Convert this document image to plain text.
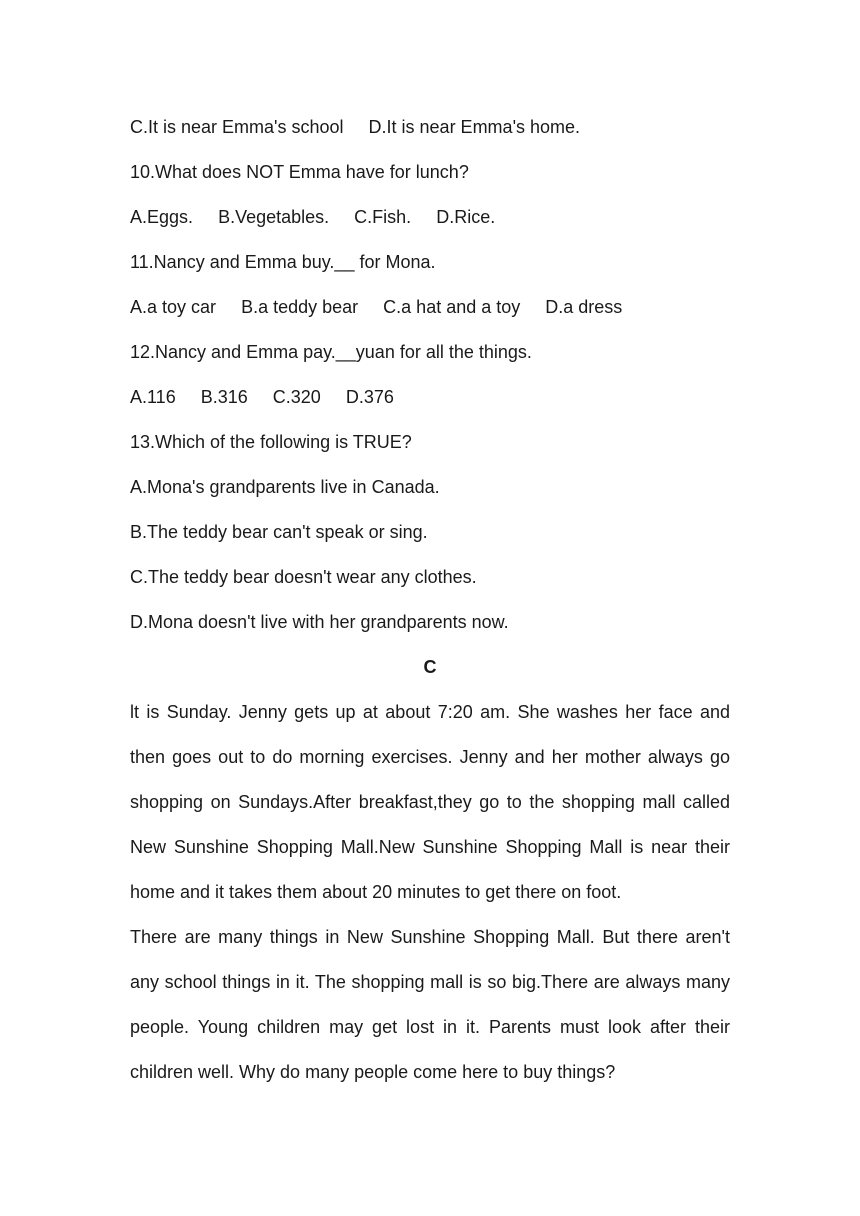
C.It is near Emma's school D.It is near Emma's home.
10.What does NOT Emma have for lunch?
A.Eggs. B.Vegetables. C.Fish. D.Rice.
11.Nancy and Emma buy.__ for Mona.
A.a toy car B.a teddy bear C.a hat and a toy D.a dress
12.Nancy and Emma pay.__yuan for all the things.
A.116 B.316 C.320 D.376
13.Which of the following is TRUE?
A.Mona's grandparents live in Canada.
B.The teddy bear can't speak or sing.
C.The teddy bear doesn't wear any clothes.
D.Mona doesn't live with her grandparents now.
C
lt is Sunday. Jenny gets up at about 7:20 am. She washes her face and
then goes out to do morning exercises. Jenny and her mother always go
shopping on Sundays.After breakfast,they go to the shopping mall called
New Sunshine Shopping Mall.New Sunshine Shopping Mall is near their
home and it takes them about 20 minutes to get there on foot.
There are many things in New Sunshine Shopping Mall. But there aren't
any school things in it. The shopping mall is so big.There are always many
people. Young children may get lost in it. Parents must look after their
children well. Why do many people come here to buy things?
